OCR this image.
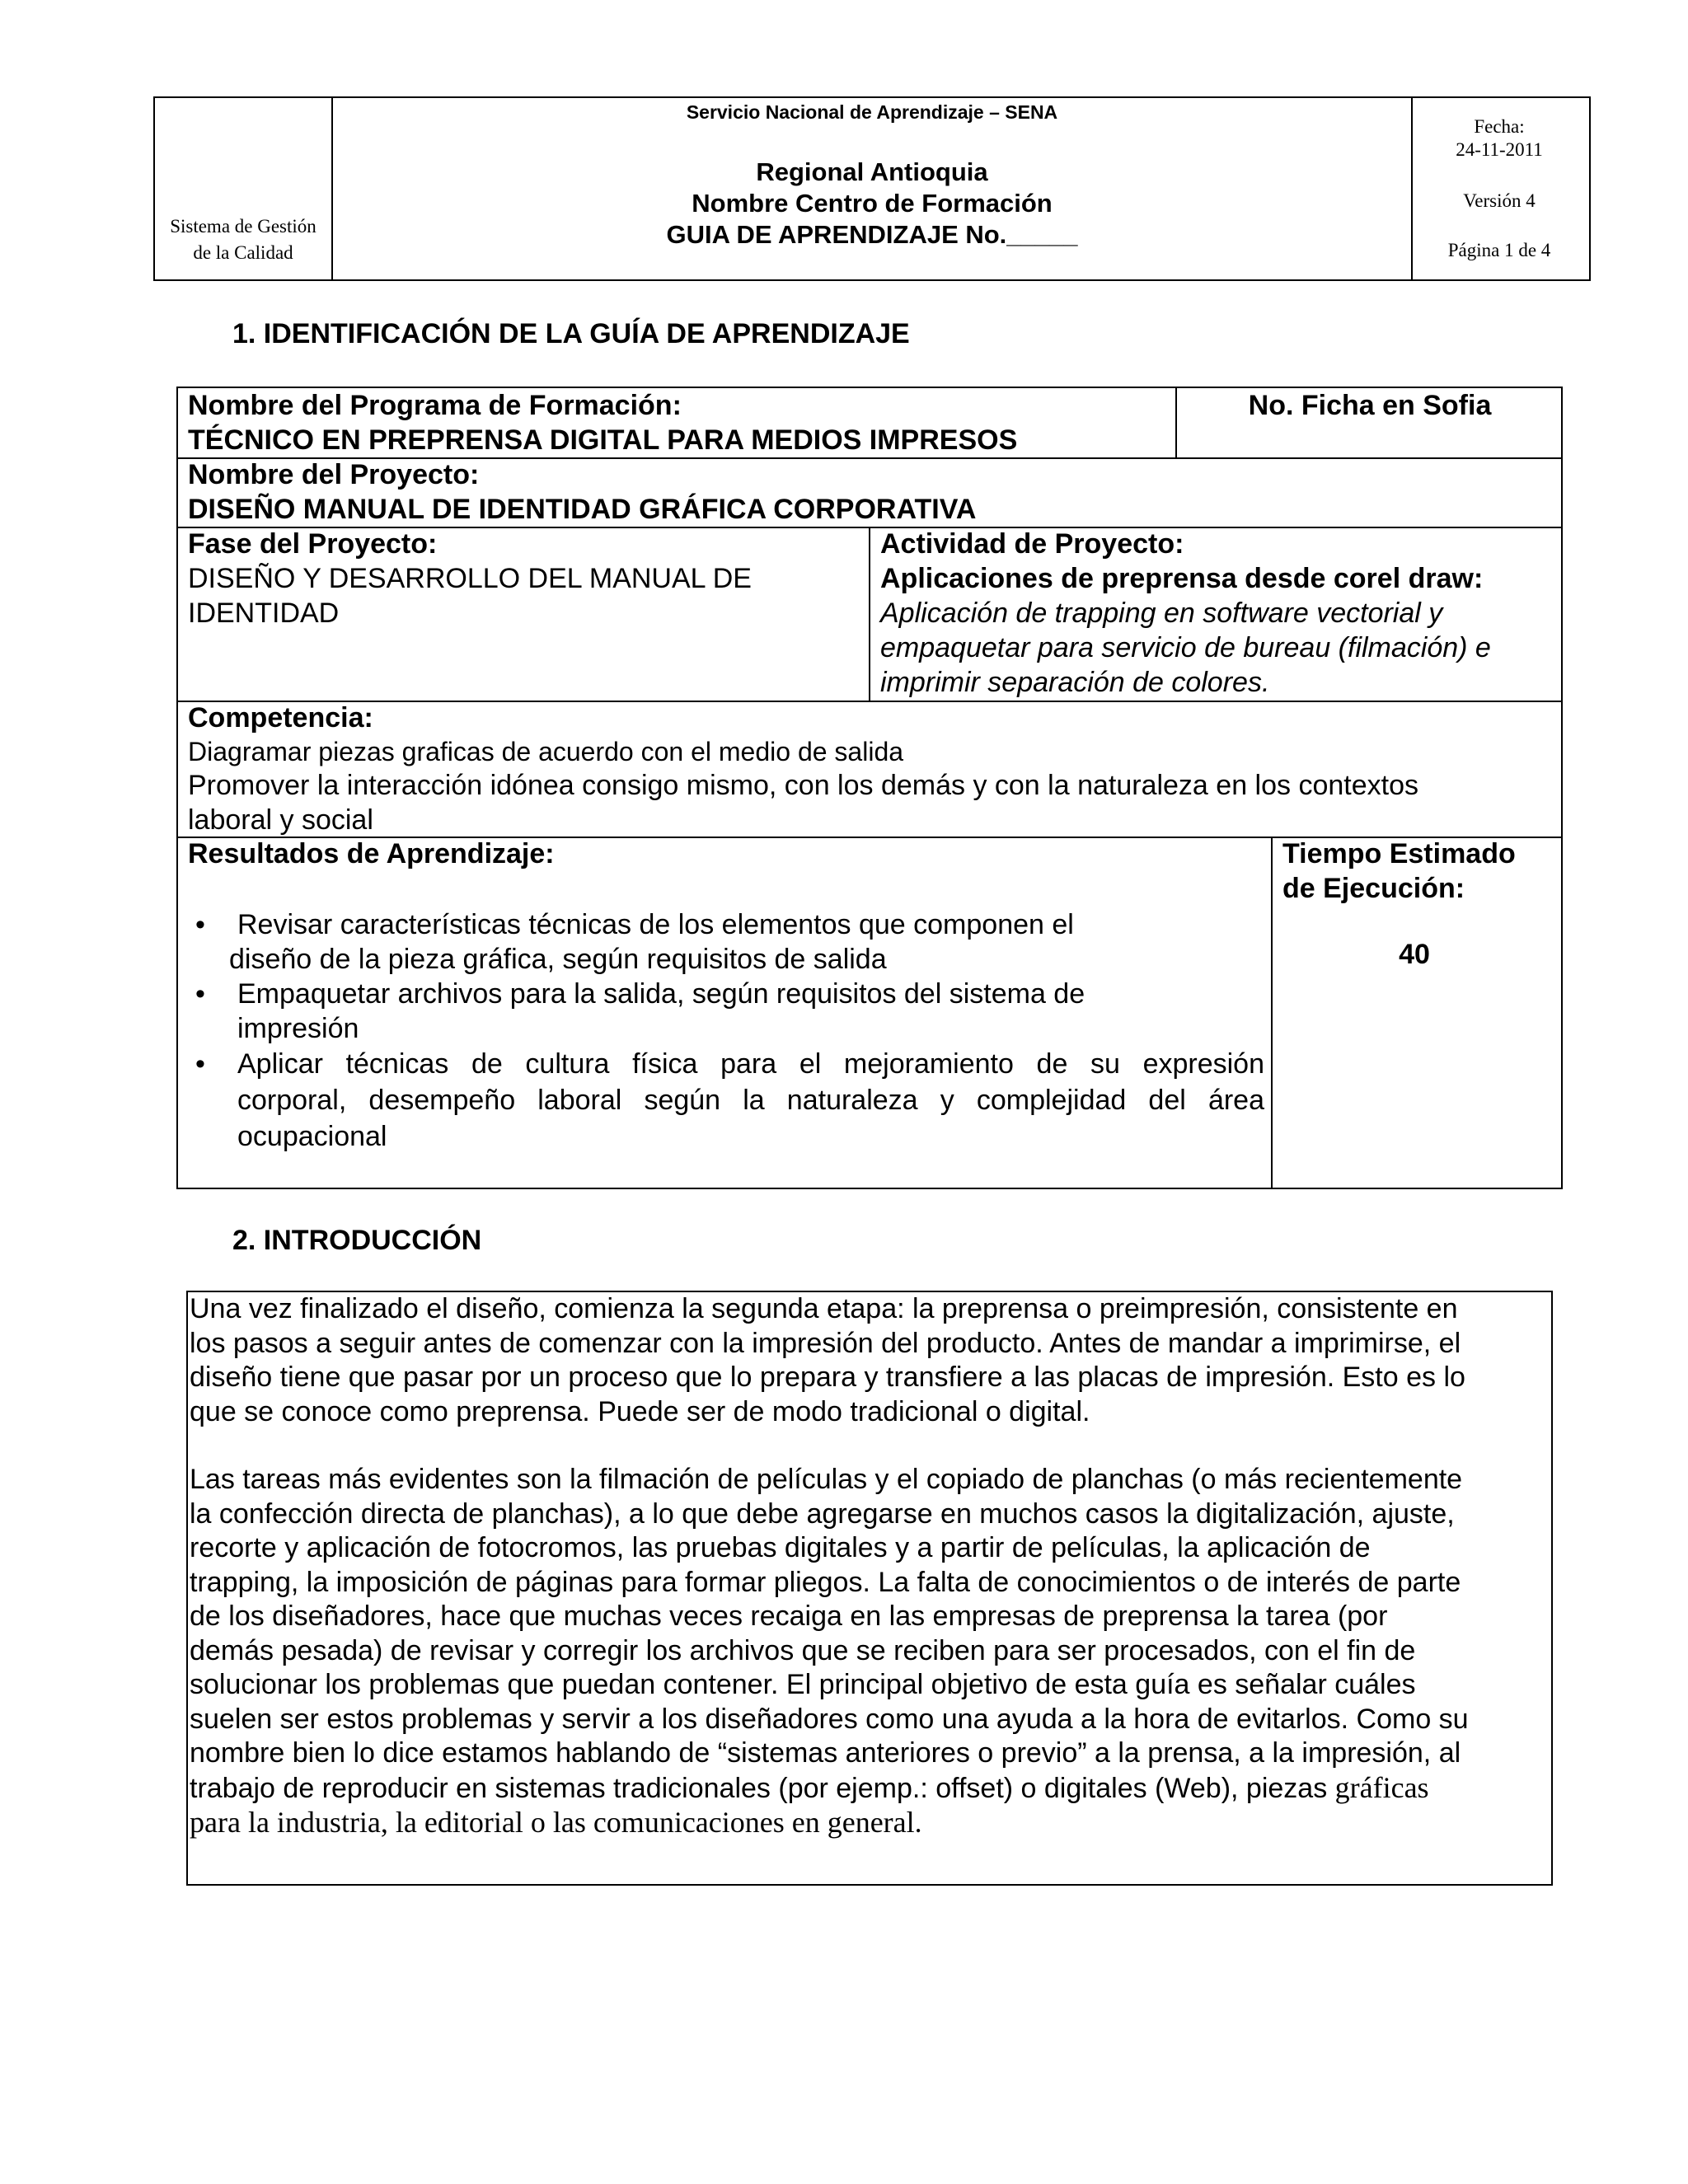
Sistema de Gestión
de la Calidad
Servicio Nacional de Aprendizaje – SENA
Regional Antioquia
Nombre Centro de Formación
GUIA DE APRENDIZAJE No._____
Fecha:
24-11-2011
Versión 4
Página 1 de 4
1. IDENTIFICACIÓN DE LA GUÍA DE APRENDIZAJE
Nombre del Programa de Formación:
TÉCNICO EN PREPRENSA DIGITAL PARA MEDIOS IMPRESOS
No. Ficha en Sofia
Nombre del Proyecto:
DISEÑO MANUAL DE IDENTIDAD GRÁFICA CORPORATIVA
Fase del Proyecto:
DISEÑO Y DESARROLLO DEL MANUAL DE
IDENTIDAD
Actividad de Proyecto:
Aplicaciones de preprensa desde corel draw:
Aplicación de trapping en software vectorial y
empaquetar para servicio de bureau (filmación) e
imprimir separación de colores.
Competencia:
Diagramar piezas graficas de acuerdo con el medio de salida
Promover la interacción idónea consigo mismo, con los demás y con la naturaleza en los contextos
laboral y social
Resultados de Aprendizaje:
• Revisar características técnicas de los elementos que componen el
diseño de la pieza gráfica, según requisitos de salida
• Empaquetar archivos para la salida, según requisitos del sistema de
impresión
• Aplicar técnicas de cultura física para el mejoramiento de su expresión
corporal, desempeño laboral según la naturaleza y complejidad del área
ocupacional
Tiempo Estimado
de Ejecución:
40
2. INTRODUCCIÓN

Una vez finalizado el diseño, comienza la segunda etapa: la preprensa o preimpresión, consistente en
los pasos a seguir antes de comenzar con la impresión del producto. Antes de mandar a imprimirse, el
diseño tiene que pasar por un proceso que lo prepara y transfiere a las placas de impresión. Esto es lo
que se conoce como preprensa. Puede ser de modo tradicional o digital.

Las tareas más evidentes son la filmación de películas y el copiado de planchas (o más recientemente
la confección directa de planchas), a lo que debe agregarse en muchos casos la digitalización, ajuste,
recorte y aplicación de fotocromos, las pruebas digitales y a partir de películas, la aplicación de
trapping, la imposición de páginas para formar pliegos. La falta de conocimientos o de interés de parte
de los diseñadores, hace que muchas veces recaiga en las empresas de preprensa la tarea (por
demás pesada) de revisar y corregir los archivos que se reciben para ser procesados, con el fin de
solucionar los problemas que puedan contener. El principal objetivo de esta guía es señalar cuáles
suelen ser estos problemas y servir a los diseñadores como una ayuda a la hora de evitarlos. Como su
nombre bien lo dice estamos hablando de “sistemas anteriores o previo” a la prensa, a la impresión, al
trabajo de reproducir en sistemas tradicionales (por ejemp.: offset) o digitales (Web), piezas gráficas
para la industria, la editorial o las comunicaciones en general.
